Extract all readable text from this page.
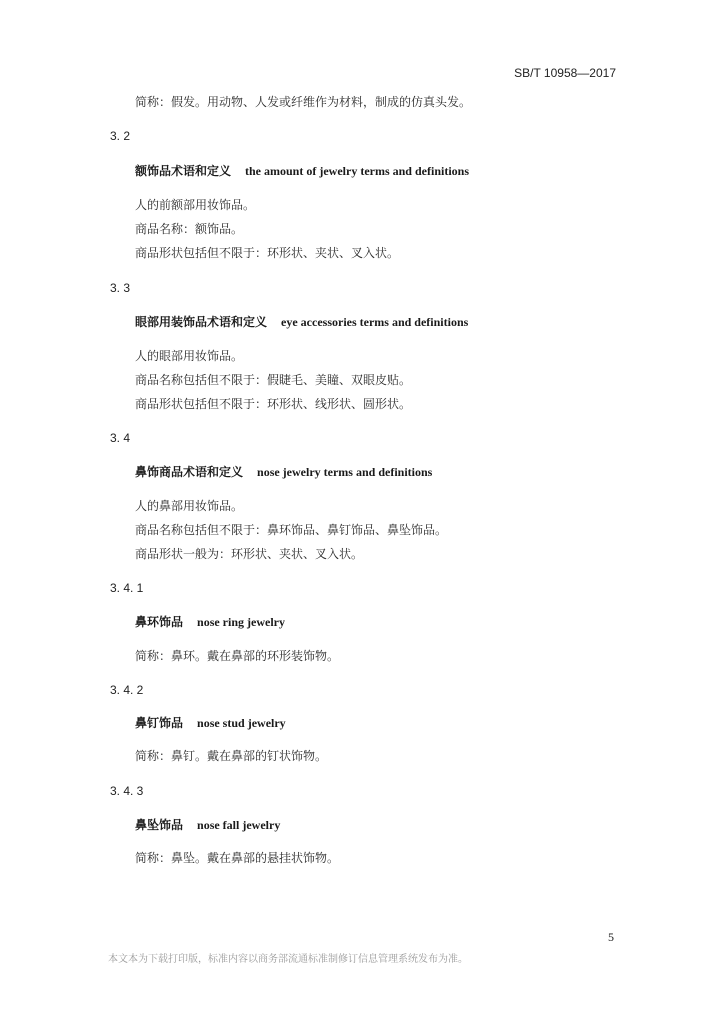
SB/T 10958—2017
简称：假发。用动物、人发或纤维作为材料，制成的仿真头发。
3. 2
额饰品术语和定义 the amount of jewelry terms and definitions
人的前额部用妆饰品。
商品名称：额饰品。
商品形状包括但不限于：环形状、夹状、叉入状。
3. 3
眼部用装饰品术语和定义 eye accessories terms and definitions
人的眼部用妆饰品。
商品名称包括但不限于：假睫毛、美瞳、双眼皮贴。
商品形状包括但不限于：环形状、线形状、圆形状。
3. 4
鼻饰商品术语和定义 nose jewelry terms and definitions
人的鼻部用妆饰品。
商品名称包括但不限于：鼻环饰品、鼻钉饰品、鼻坠饰品。
商品形状一般为：环形状、夹状、叉入状。
3. 4. 1
鼻环饰品 nose ring jewelry
简称：鼻环。戴在鼻部的环形装饰物。
3. 4. 2
鼻钉饰品 nose stud jewelry
简称：鼻钉。戴在鼻部的钉状饰物。
3. 4. 3
鼻坠饰品 nose fall jewelry
简称：鼻坠。戴在鼻部的悬挂状饰物。
5
本文本为下载打印版，标准内容以商务部流通标准制修订信息管理系统发布为准。
